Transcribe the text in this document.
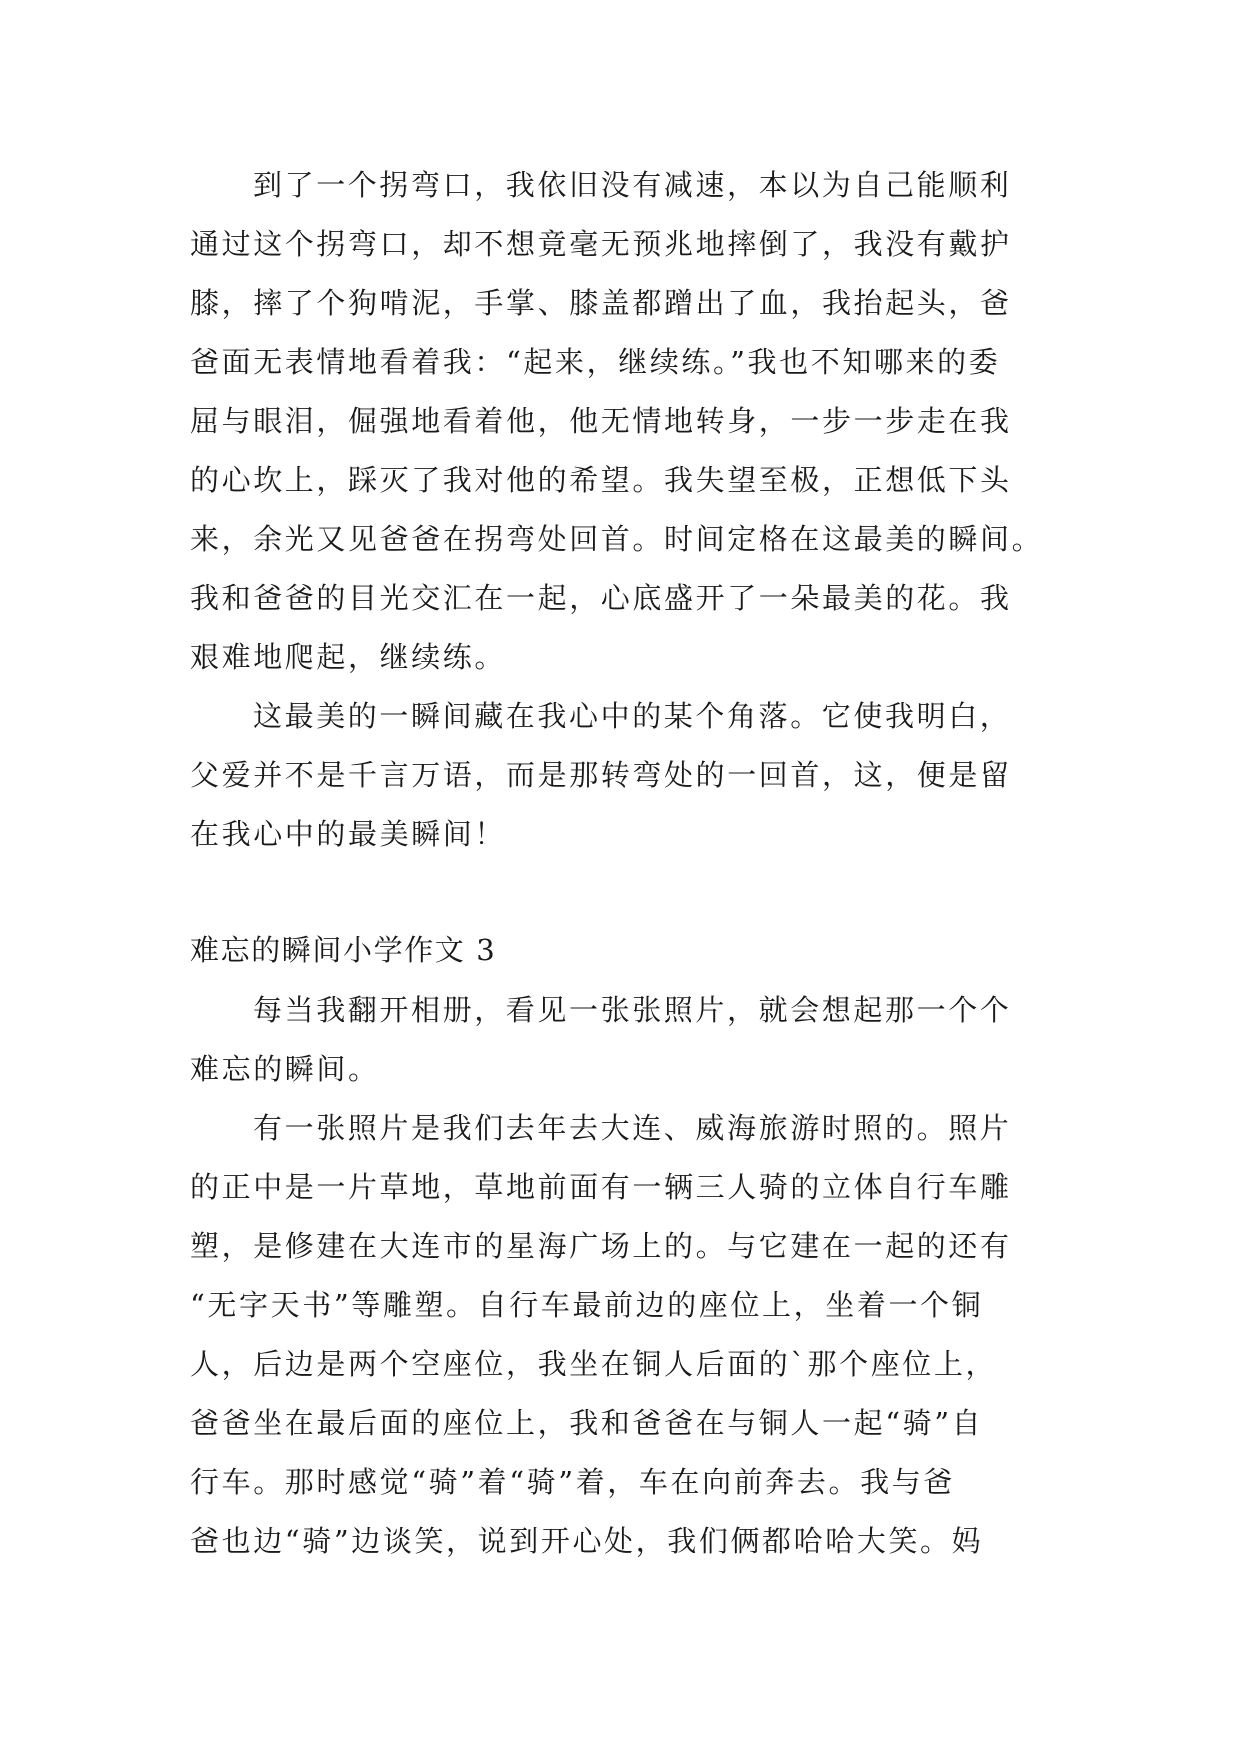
到了一个拐弯口，我依旧没有减速，本以为自己能顺利
通过这个拐弯口，却不想竟毫无预兆地摔倒了，我没有戴护
膝，摔了个狗啃泥，手掌、膝盖都蹭出了血，我抬起头，爸
爸面无表情地看着我：“起来，继续练。”我也不知哪来的委
屈与眼泪，倔强地看着他，他无情地转身，一步一步走在我
的心坎上，踩灭了我对他的希望。我失望至极，正想低下头
来，余光又见爸爸在拐弯处回首。时间定格在这最美的瞬间。
我和爸爸的目光交汇在一起，心底盛开了一朵最美的花。我
艰难地爬起，继续练。
这最美的一瞬间藏在我心中的某个角落。它使我明白，
父爱并不是千言万语，而是那转弯处的一回首，这，便是留
在我心中的最美瞬间！
难忘的瞬间小学作文 3
每当我翻开相册，看见一张张照片，就会想起那一个个
难忘的瞬间。
有一张照片是我们去年去大连、威海旅游时照的。照片
的正中是一片草地，草地前面有一辆三人骑的立体自行车雕
塑，是修建在大连市的星海广场上的。与它建在一起的还有
“无字天书”等雕塑。自行车最前边的座位上，坐着一个铜
人，后边是两个空座位，我坐在铜人后面的`那个座位上，
爸爸坐在最后面的座位上，我和爸爸在与铜人一起“骑”自
行车。那时感觉“骑”着“骑”着，车在向前奔去。我与爸
爸也边“骑”边谈笑，说到开心处，我们俩都哈哈大笑。妈
